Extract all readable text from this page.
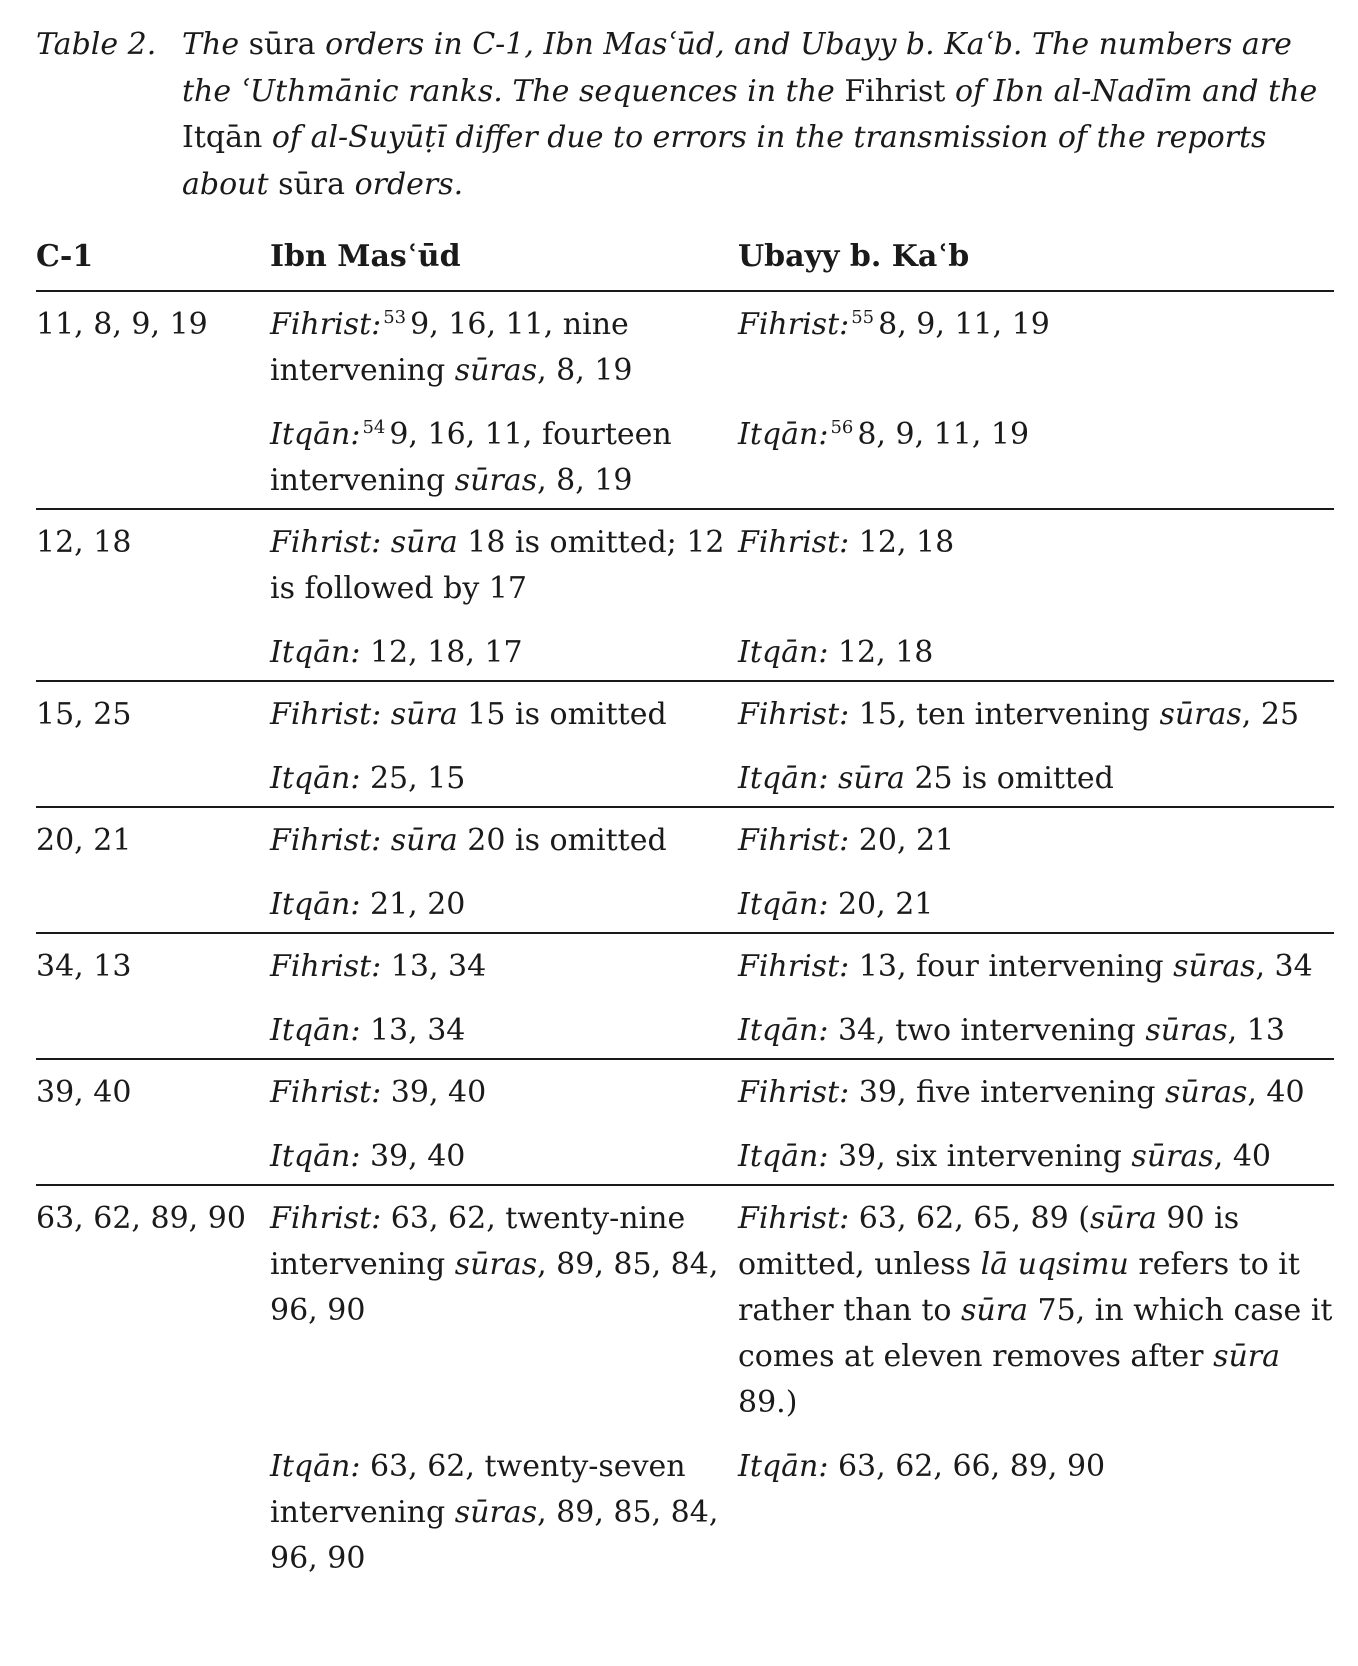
Table 2. The sūra orders in C-1, Ibn Masʿūd, and Ubayy b. Kaʿb. The numbers are the ʿUthmānic ranks. The sequences in the Fihrist of Ibn al-Nadīm and the Itqān of al-Suyūṭī differ due to errors in the transmission of the reports about sūra orders.
C-1	Ibn Masʿūd	Ubayy b. Kaʿb
11, 8, 9, 19	Fihrist: $^{53}$ 9, 16, 11, nine intervening sūras, 8, 19	Fihrist: $^{55}$ 8, 9, 11, 19
	Itqān: $^{54}$ 9, 16, 11, fourteen intervening sūras, 8, 19	Itqān: $^{56}$ 8, 9, 11, 19
12, 18	Fihrist: sūra 18 is omitted; 12 is followed by 17	Fihrist: 12, 18
	Itqān: 12, 18, 17	Itqān: 12, 18
15, 25	Fihrist: sūra 15 is omitted	Fihrist: 15, ten intervening sūras, 25
	Itqān: 25, 15	Itqān: sūra 25 is omitted
20, 21	Fihrist: sūra 20 is omitted	Fihrist: 20, 21
	Itqān: 21, 20	Itqān: 20, 21
34, 13	Fihrist: 13, 34	Fihrist: 13, four intervening sūras, 34
	Itqān: 13, 34	Itqān: 34, two intervening sūras, 13
39, 40	Fihrist: 39, 40	Fihrist: 39, five intervening sūras, 40
	Itqān: 39, 40	Itqān: 39, six intervening sūras, 40
63, 62, 89, 90	Fihrist: 63, 62, twenty-nine intervening sūras, 89, 85, 84, 96, 90	Fihrist: 63, 62, 65, 89 (sūra 90 is omitted, unless lā uqsimu refers to it rather than to sūra 75, in which case it comes at eleven removes after sūra 89.)
	Itqān: 63, 62, twenty-seven intervening sūras, 89, 85, 84, 96, 90	Itqān: 63, 62, 66, 89, 90
